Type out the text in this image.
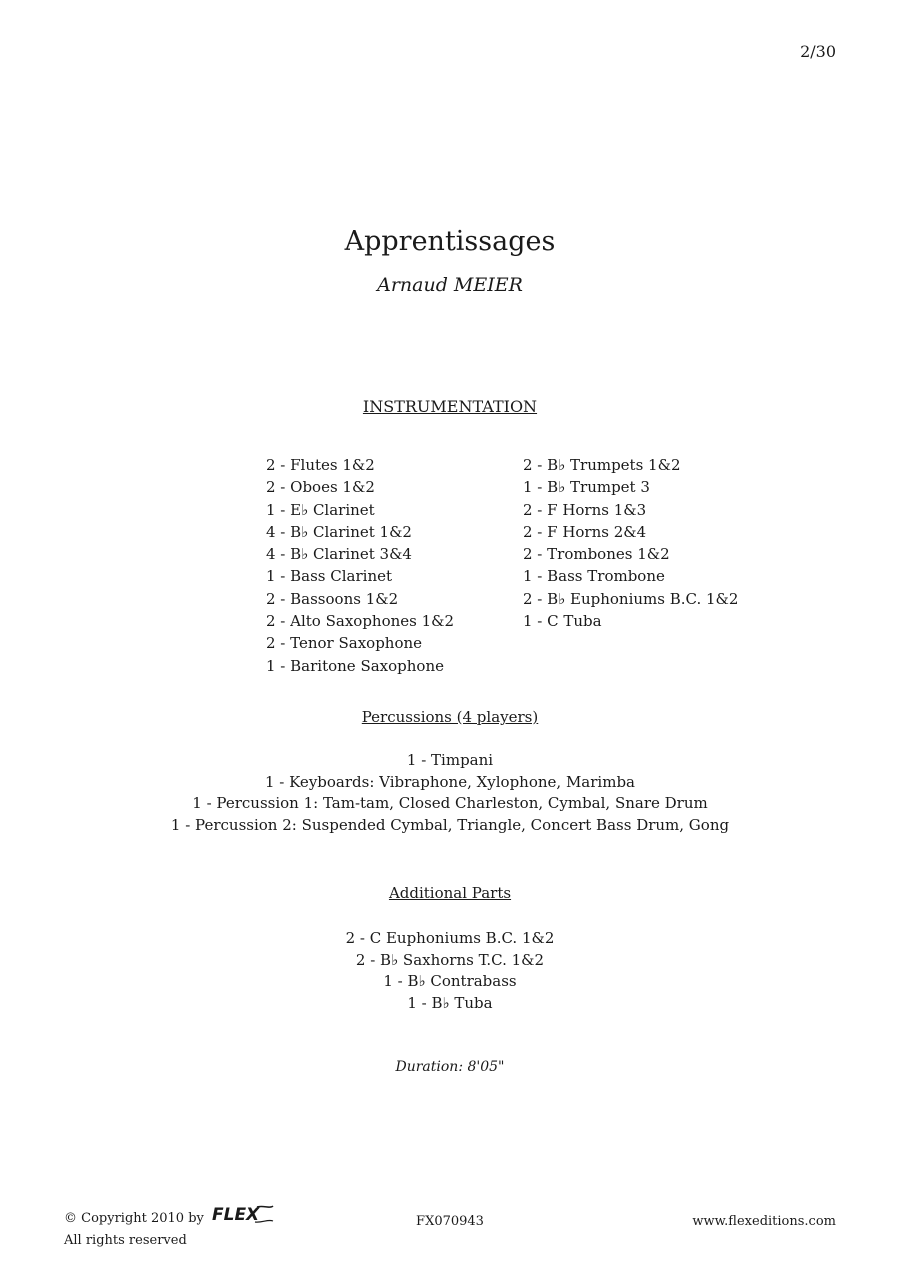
2/30
Apprentissages
Arnaud MEIER
INSTRUMENTATION
2 - Flutes 1&2
2 - Oboes 1&2
1 - E♭ Clarinet
4 - B♭ Clarinet 1&2
4 - B♭ Clarinet 3&4
1 - Bass Clarinet
2 - Bassoons 1&2
2 - Alto Saxophones 1&2
2 - Tenor Saxophone
1 - Baritone Saxophone
2 - B♭ Trumpets 1&2
1 - B♭ Trumpet 3
2 - F Horns 1&3
2 - F Horns 2&4
2 - Trombones 1&2
1 - Bass Trombone
2 - B♭ Euphoniums B.C. 1&2
1 - C Tuba
Percussions (4 players)
1 - Timpani
1 - Keyboards: Vibraphone, Xylophone, Marimba
1 - Percussion 1: Tam-tam, Closed Charleston, Cymbal, Snare Drum
1 - Percussion 2: Suspended Cymbal, Triangle, Concert Bass Drum, Gong
Additional Parts
2 - C Euphoniums B.C. 1&2
2 - B♭ Saxhorns T.C. 1&2
1 - B♭ Contrabass
1 - B♭ Tuba
Duration: 8'05"
© Copyright 2010 by FLEX

All rights reserved
FX070943	www.flexeditions.com
